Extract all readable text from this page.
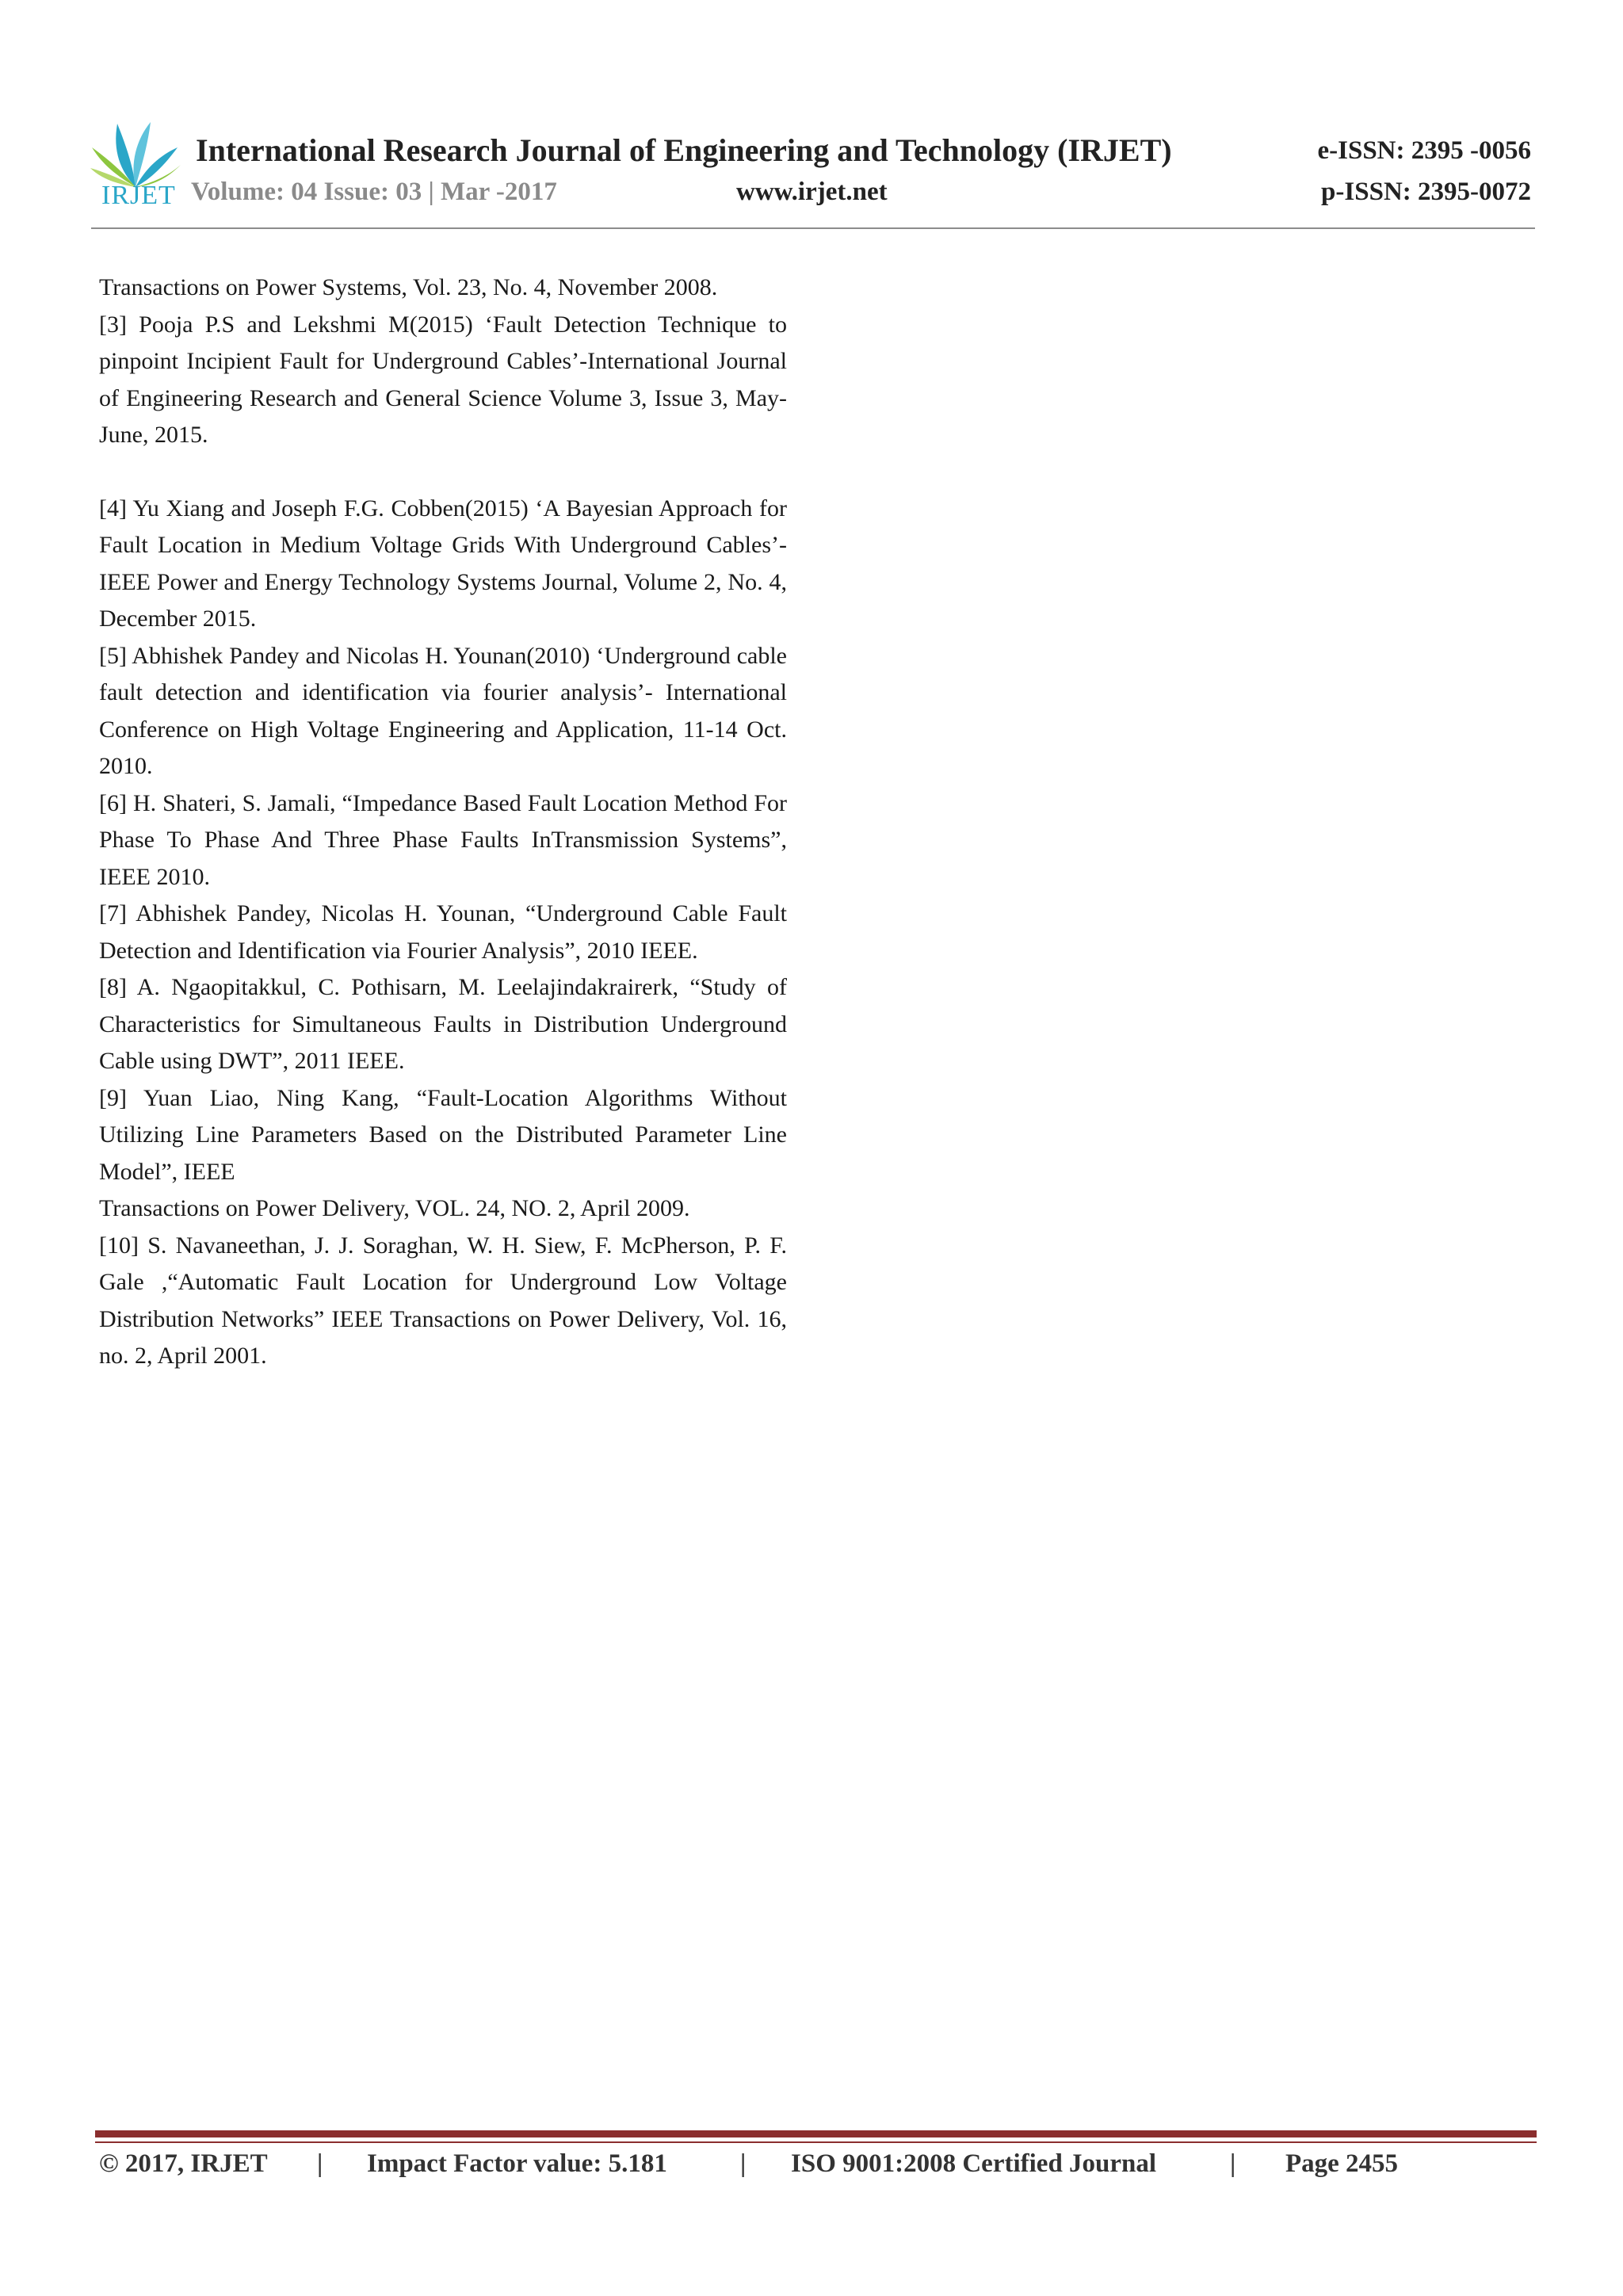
IRJET
International Research Journal of Engineering and Technology (IRJET)
Volume: 04 Issue: 03 | Mar -2017	www.irjet.net
e-ISSN: 2395 -0056
p-ISSN: 2395-0072

Transactions on Power Systems, Vol. 23, No. 4, November 2008.

[3] Pooja P.S and Lekshmi M(2015) ‘Fault Detection Technique to pinpoint Incipient Fault for Underground Cables’-International Journal of Engineering Research and General Science Volume 3, Issue 3, May-June, 2015.

[4] Yu Xiang and Joseph F.G. Cobben(2015) ‘A Bayesian Approach for Fault Location in Medium Voltage Grids With Underground Cables’-IEEE Power and Energy Technology Systems Journal, Volume 2, No. 4, December 2015.

[5] Abhishek Pandey and Nicolas H. Younan(2010) ‘Underground cable fault detection and identification via fourier analysis’- International Conference on High Voltage Engineering and Application, 11-14 Oct. 2010.

[6] H. Shateri, S. Jamali, “Impedance Based Fault Location Method For Phase To Phase And Three Phase Faults InTransmission Systems”, IEEE 2010.

[7] Abhishek Pandey, Nicolas H. Younan, “Underground Cable Fault Detection and Identification via Fourier Analysis”, 2010 IEEE.

[8] A. Ngaopitakkul, C. Pothisarn, M. Leelajindakrairerk, “Study of Characteristics for Simultaneous Faults in Distribution Underground Cable using DWT”, 2011 IEEE.

[9] Yuan Liao, Ning Kang, “Fault-Location Algorithms Without Utilizing Line Parameters Based on the Distributed Parameter Line Model”, IEEE

Transactions on Power Delivery, VOL. 24, NO. 2, April 2009.

[10] S. Navaneethan, J. J. Soraghan, W. H. Siew, F. McPherson, P. F. Gale ,“Automatic Fault Location for Underground Low Voltage Distribution Networks” IEEE Transactions on Power Delivery, Vol. 16, no. 2, April 2001.

© 2017, IRJET | Impact Factor value: 5.181	| ISO 9001:2008 Certified Journal	| Page 2455
